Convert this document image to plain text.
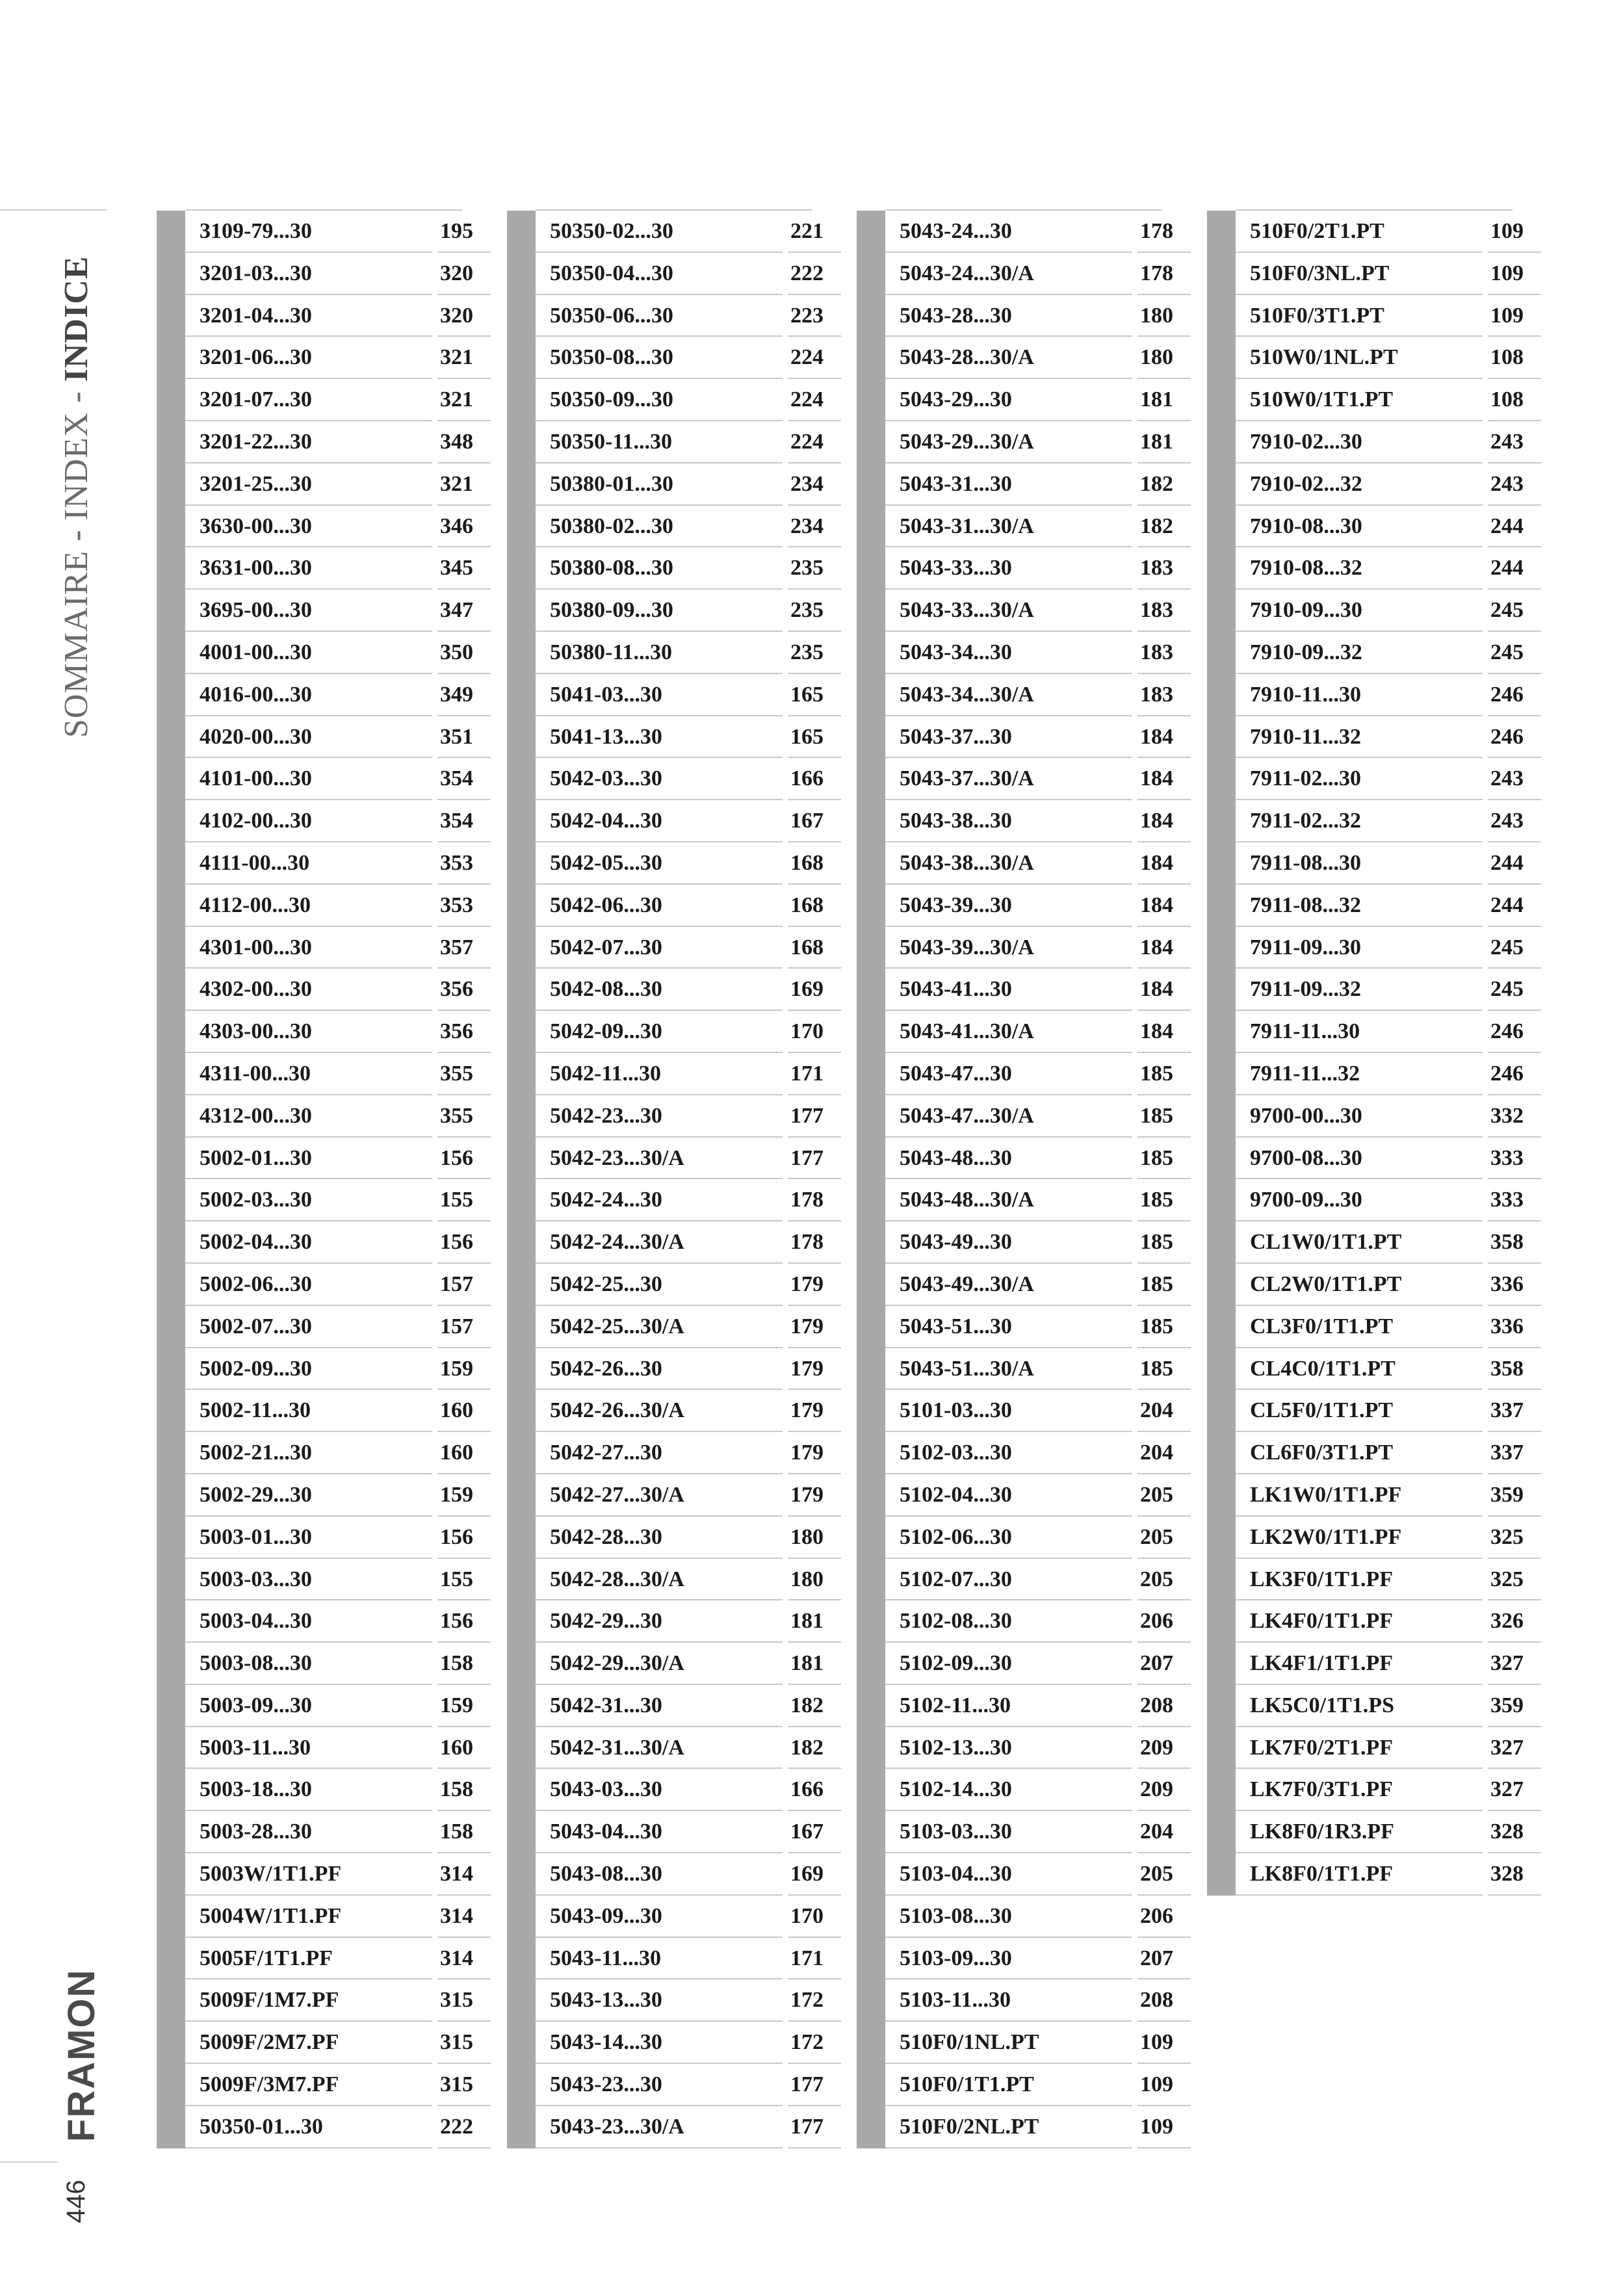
SOMMAIRE - INDEX - INDICE
FRAMON
446
3109-79...30	195
3201-03...30	320
3201-04...30	320
3201-06...30	321
3201-07...30	321
3201-22...30	348
3201-25...30	321
3630-00...30	346
3631-00...30	345
3695-00...30	347
4001-00...30	350
4016-00...30	349
4020-00...30	351
4101-00...30	354
4102-00...30	354
4111-00...30	353
4112-00...30	353
4301-00...30	357
4302-00...30	356
4303-00...30	356
4311-00...30	355
4312-00...30	355
5002-01...30	156
5002-03...30	155
5002-04...30	156
5002-06...30	157
5002-07...30	157
5002-09...30	159
5002-11...30	160
5002-21...30	160
5002-29...30	159
5003-01...30	156
5003-03...30	155
5003-04...30	156
5003-08...30	158
5003-09...30	159
5003-11...30	160
5003-18...30	158
5003-28...30	158
5003W/1T1.PF	314
5004W/1T1.PF	314
5005F/1T1.PF	314
5009F/1M7.PF	315
5009F/2M7.PF	315
5009F/3M7.PF	315
50350-01...30	222
50350-02...30	221
50350-04...30	222
50350-06...30	223
50350-08...30	224
50350-09...30	224
50350-11...30	224
50380-01...30	234
50380-02...30	234
50380-08...30	235
50380-09...30	235
50380-11...30	235
5041-03...30	165
5041-13...30	165
5042-03...30	166
5042-04...30	167
5042-05...30	168
5042-06...30	168
5042-07...30	168
5042-08...30	169
5042-09...30	170
5042-11...30	171
5042-23...30	177
5042-23...30/A	177
5042-24...30	178
5042-24...30/A	178
5042-25...30	179
5042-25...30/A	179
5042-26...30	179
5042-26...30/A	179
5042-27...30	179
5042-27...30/A	179
5042-28...30	180
5042-28...30/A	180
5042-29...30	181
5042-29...30/A	181
5042-31...30	182
5042-31...30/A	182
5043-03...30	166
5043-04...30	167
5043-08...30	169
5043-09...30	170
5043-11...30	171
5043-13...30	172
5043-14...30	172
5043-23...30	177
5043-23...30/A	177
5043-24...30	178
5043-24...30/A	178
5043-28...30	180
5043-28...30/A	180
5043-29...30	181
5043-29...30/A	181
5043-31...30	182
5043-31...30/A	182
5043-33...30	183
5043-33...30/A	183
5043-34...30	183
5043-34...30/A	183
5043-37...30	184
5043-37...30/A	184
5043-38...30	184
5043-38...30/A	184
5043-39...30	184
5043-39...30/A	184
5043-41...30	184
5043-41...30/A	184
5043-47...30	185
5043-47...30/A	185
5043-48...30	185
5043-48...30/A	185
5043-49...30	185
5043-49...30/A	185
5043-51...30	185
5043-51...30/A	185
5101-03...30	204
5102-03...30	204
5102-04...30	205
5102-06...30	205
5102-07...30	205
5102-08...30	206
5102-09...30	207
5102-11...30	208
5102-13...30	209
5102-14...30	209
5103-03...30	204
5103-04...30	205
5103-08...30	206
5103-09...30	207
5103-11...30	208
510F0/1NL.PT	109
510F0/1T1.PT	109
510F0/2NL.PT	109
510F0/2T1.PT	109
510F0/3NL.PT	109
510F0/3T1.PT	109
510W0/1NL.PT	108
510W0/1T1.PT	108
7910-02...30	243
7910-02...32	243
7910-08...30	244
7910-08...32	244
7910-09...30	245
7910-09...32	245
7910-11...30	246
7910-11...32	246
7911-02...30	243
7911-02...32	243
7911-08...30	244
7911-08...32	244
7911-09...30	245
7911-09...32	245
7911-11...30	246
7911-11...32	246
9700-00...30	332
9700-08...30	333
9700-09...30	333
CL1W0/1T1.PT	358
CL2W0/1T1.PT	336
CL3F0/1T1.PT	336
CL4C0/1T1.PT	358
CL5F0/1T1.PT	337
CL6F0/3T1.PT	337
LK1W0/1T1.PF	359
LK2W0/1T1.PF	325
LK3F0/1T1.PF	325
LK4F0/1T1.PF	326
LK4F1/1T1.PF	327
LK5C0/1T1.PS	359
LK7F0/2T1.PF	327
LK7F0/3T1.PF	327
LK8F0/1R3.PF	328
LK8F0/1T1.PF	328
